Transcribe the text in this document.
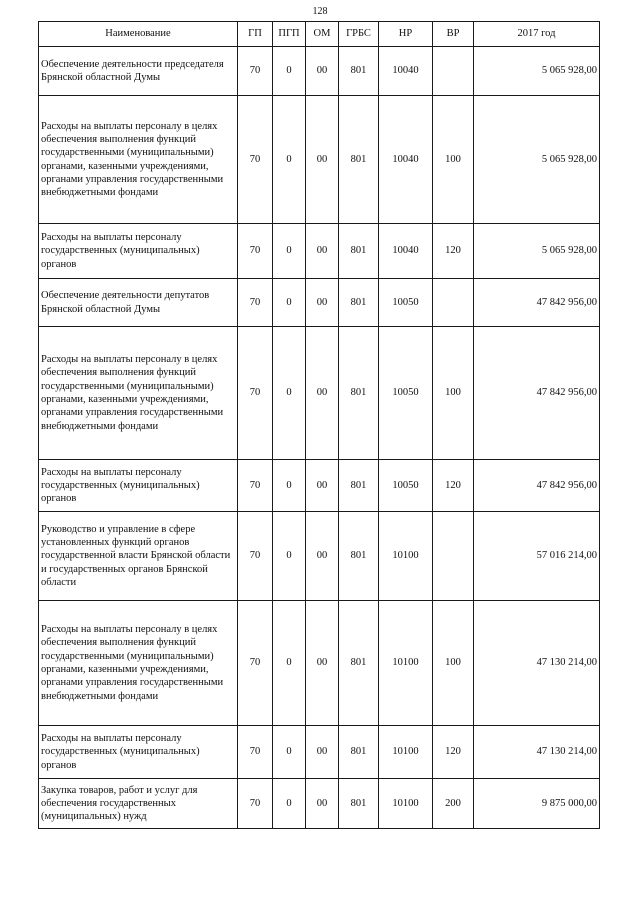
128
Наименование	ГП	ПГП	ОМ	ГРБС	НР	ВР	2017 год
Обеспечение деятельности председателя Брянской областной Думы	70	0	00	801	10040		5 065 928,00
Расходы на выплаты персоналу в целях обеспечения выполнения функций государственными (муниципальными) органами, казенными учреждениями, органами управления государственными внебюджетными фондами	70	0	00	801	10040	100	5 065 928,00
Расходы на выплаты персоналу государственных (муниципальных) органов	70	0	00	801	10040	120	5 065 928,00
Обеспечение деятельности депутатов Брянской областной Думы	70	0	00	801	10050		47 842 956,00
Расходы на выплаты персоналу в целях обеспечения выполнения функций государственными (муниципальными) органами, казенными учреждениями, органами управления государственными внебюджетными фондами	70	0	00	801	10050	100	47 842 956,00
Расходы на выплаты персоналу государственных (муниципальных) органов	70	0	00	801	10050	120	47 842 956,00
Руководство и управление в сфере установленных функций органов государственной власти Брянской области и государственных органов Брянской области	70	0	00	801	10100		57 016 214,00
Расходы на выплаты персоналу в целях обеспечения выполнения функций государственными (муниципальными) органами, казенными учреждениями, органами управления государственными внебюджетными фондами	70	0	00	801	10100	100	47 130 214,00
Расходы на выплаты персоналу государственных (муниципальных) органов	70	0	00	801	10100	120	47 130 214,00
Закупка товаров, работ и услуг для обеспечения государственных (муниципальных) нужд	70	0	00	801	10100	200	9 875 000,00
